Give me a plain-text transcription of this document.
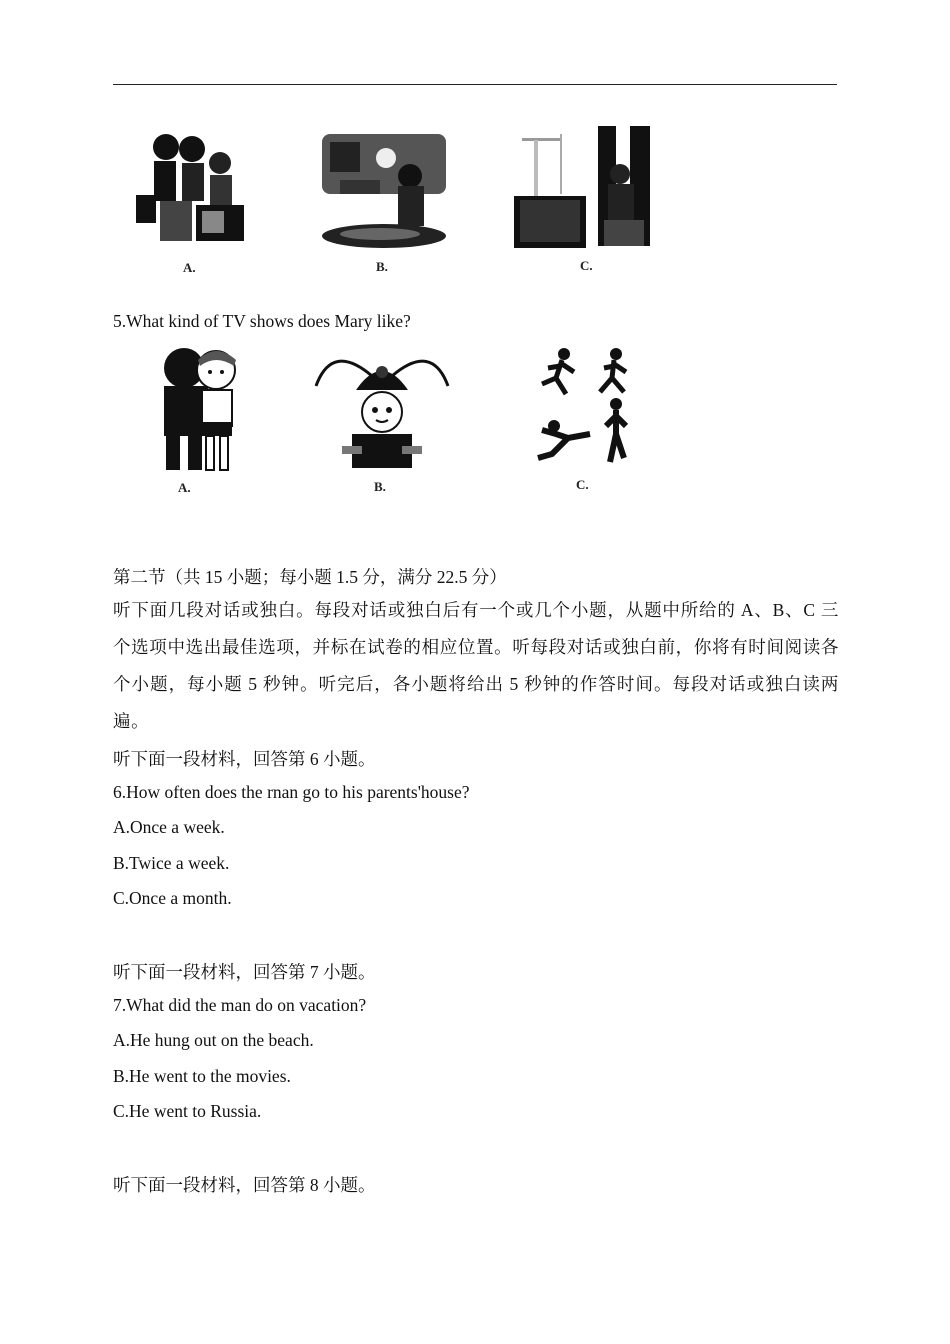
A.	B.	C.
5.What kind of TV shows does Mary like?
A.	B.	C.
第二节（共 15 小题；每小题 1.5 分，满分 22.5 分）
听下面几段对话或独白。每段对话或独白后有一个或几个小题，从题中所给的 A、B、C 三个选项中选出最佳选项，并标在试卷的相应位置。听每段对话或独白前，你将有时间阅读各个小题，每小题 5 秒钟。听完后，各小题将给出 5 秒钟的作答时间。每段对话或独白读两遍。
听下面一段材料，回答第 6 小题。
6.How often does the rnan go to his parents'house?
A.Once a week.
B.Twice a week.
C.Once a month.
听下面一段材料，回答第 7 小题。
7.What did the man do on vacation?
A.He hung out on the beach.
B.He went to the movies.
C.He went to Russia.
听下面一段材料，回答第 8 小题。
